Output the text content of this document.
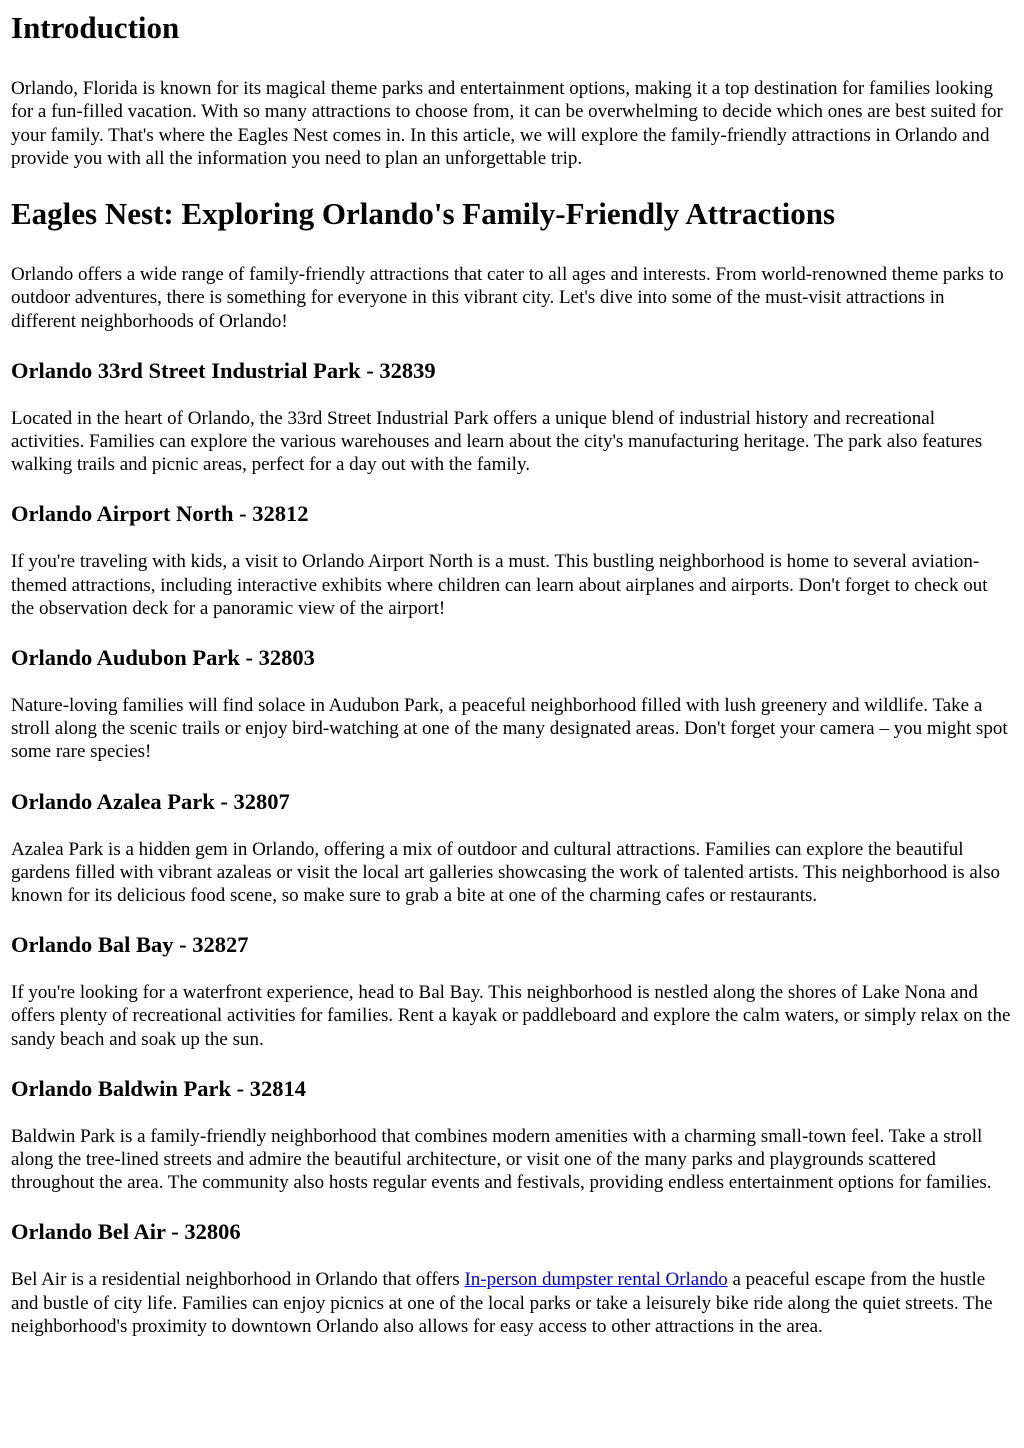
Introduction

Orlando, Florida is known for its magical theme parks and entertainment options, making it a top destination for families looking for a fun-filled vacation. With so many attractions to choose from, it can be overwhelming to decide which ones are best suited for your family. That's where the Eagles Nest comes in. In this article, we will explore the family-friendly attractions in Orlando and provide you with all the information you need to plan an unforgettable trip.

Eagles Nest: Exploring Orlando's Family-Friendly Attractions

Orlando offers a wide range of family-friendly attractions that cater to all ages and interests. From world-renowned theme parks to outdoor adventures, there is something for everyone in this vibrant city. Let's dive into some of the must-visit attractions in different neighborhoods of Orlando!

Orlando 33rd Street Industrial Park - 32839

Located in the heart of Orlando, the 33rd Street Industrial Park offers a unique blend of industrial history and recreational activities. Families can explore the various warehouses and learn about the city's manufacturing heritage. The park also features walking trails and picnic areas, perfect for a day out with the family.

Orlando Airport North - 32812

If you're traveling with kids, a visit to Orlando Airport North is a must. This bustling neighborhood is home to several aviation-themed attractions, including interactive exhibits where children can learn about airplanes and airports. Don't forget to check out the observation deck for a panoramic view of the airport!

Orlando Audubon Park - 32803

Nature-loving families will find solace in Audubon Park, a peaceful neighborhood filled with lush greenery and wildlife. Take a stroll along the scenic trails or enjoy bird-watching at one of the many designated areas. Don't forget your camera – you might spot some rare species!

Orlando Azalea Park - 32807

Azalea Park is a hidden gem in Orlando, offering a mix of outdoor and cultural attractions. Families can explore the beautiful gardens filled with vibrant azaleas or visit the local art galleries showcasing the work of talented artists. This neighborhood is also known for its delicious food scene, so make sure to grab a bite at one of the charming cafes or restaurants.

Orlando Bal Bay - 32827

If you're looking for a waterfront experience, head to Bal Bay. This neighborhood is nestled along the shores of Lake Nona and offers plenty of recreational activities for families. Rent a kayak or paddleboard and explore the calm waters, or simply relax on the sandy beach and soak up the sun.

Orlando Baldwin Park - 32814

Baldwin Park is a family-friendly neighborhood that combines modern amenities with a charming small-town feel. Take a stroll along the tree-lined streets and admire the beautiful architecture, or visit one of the many parks and playgrounds scattered throughout the area. The community also hosts regular events and festivals, providing endless entertainment options for families.

Orlando Bel Air - 32806

Bel Air is a residential neighborhood in Orlando that offers In-person dumpster rental Orlando a peaceful escape from the hustle and bustle of city life. Families can enjoy picnics at one of the local parks or take a leisurely bike ride along the quiet streets. The neighborhood's proximity to downtown Orlando also allows for easy access to other attractions in the area.
